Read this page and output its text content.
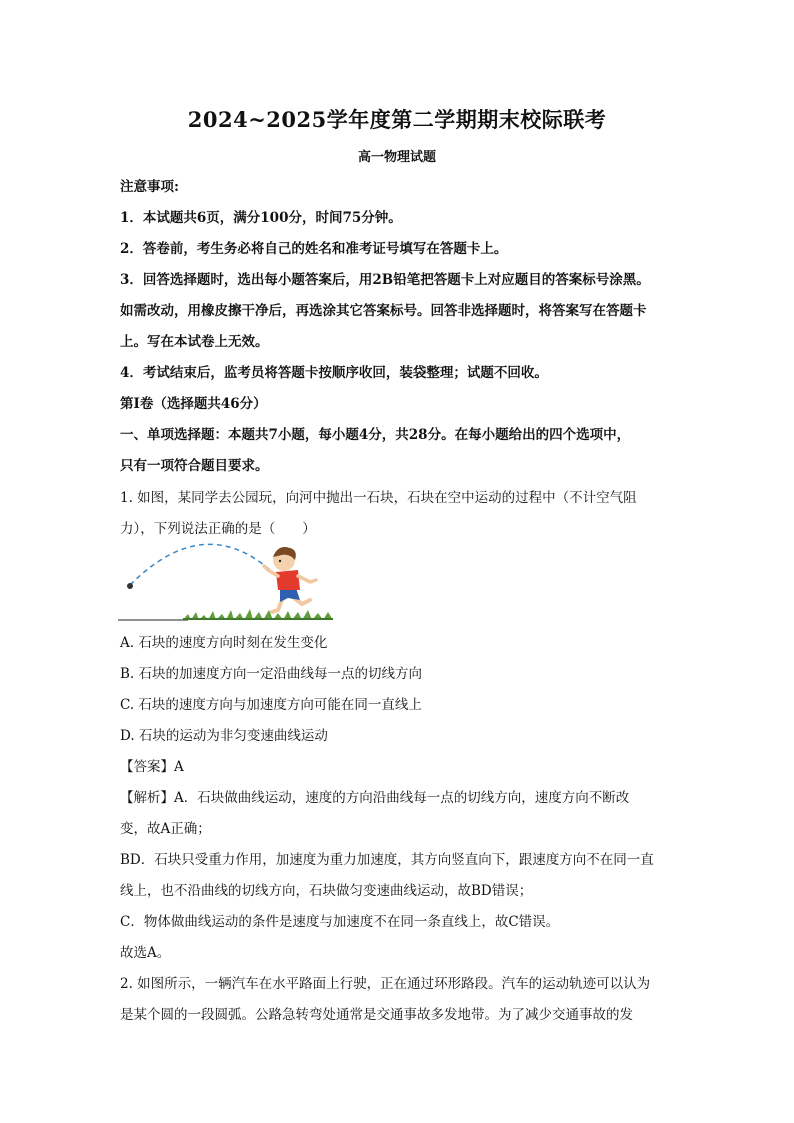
2024~2025学年度第二学期期末校际联考
高一物理试题
注意事项:
1．本试题共6页，满分100分，时间75分钟。
2．答卷前，考生务必将自己的姓名和准考证号填写在答题卡上。
3．回答选择题时，选出每小题答案后，用2B铅笔把答题卡上对应题目的答案标号涂黑。
如需改动，用橡皮擦干净后，再选涂其它答案标号。回答非选择题时，将答案写在答题卡
上。写在本试卷上无效。
4．考试结束后，监考员将答题卡按顺序收回，装袋整理；试题不回收。
第Ⅰ卷（选择题共46分）
一、单项选择题：本题共7小题，每小题4分，共28分。在每小题给出的四个选项中，
只有一项符合题目要求。
1. 如图，某同学去公园玩，向河中抛出一石块，石块在空中运动的过程中（不计空气阻
力），下列说法正确的是（　　）
A. 石块的速度方向时刻在发生变化
B. 石块的加速度方向一定沿曲线每一点的切线方向
C. 石块的速度方向与加速度方向可能在同一直线上
D. 石块的运动为非匀变速曲线运动
【答案】A
【解析】A．石块做曲线运动，速度的方向沿曲线每一点的切线方向，速度方向不断改
变，故A正确；
BD．石块只受重力作用，加速度为重力加速度，其方向竖直向下，跟速度方向不在同一直
线上，也不沿曲线的切线方向，石块做匀变速曲线运动，故BD错误；
C．物体做曲线运动的条件是速度与加速度不在同一条直线上，故C错误。
故选A。
2. 如图所示，一辆汽车在水平路面上行驶，正在通过环形路段。汽车的运动轨迹可以认为
是某个圆的一段圆弧。公路急转弯处通常是交通事故多发地带。为了减少交通事故的发
